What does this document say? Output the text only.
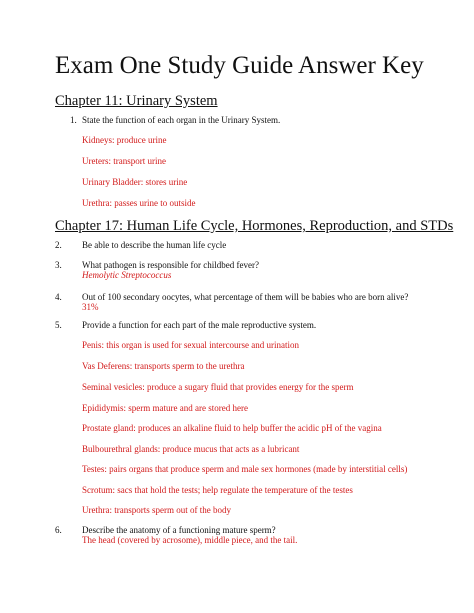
Exam One Study Guide Answer Key
Chapter 11: Urinary System
1. State the function of each organ in the Urinary System.
Kidneys: produce urine
Ureters: transport urine
Urinary Bladder: stores urine
Urethra: passes urine to outside
Chapter 17: Human Life Cycle, Hormones, Reproduction, and STDs
2. Be able to describe the human life cycle
3. What pathogen is responsible for childbed fever?
Hemolytic Streptococcus
4. Out of 100 secondary oocytes, what percentage of them will be babies who are born alive?
31%
5. Provide a function for each part of the male reproductive system.
Penis: this organ is used for sexual intercourse and urination
Vas Deferens: transports sperm to the urethra
Seminal vesicles: produce a sugary fluid that provides energy for the sperm
Epididymis: sperm mature and are stored here
Prostate gland: produces an alkaline fluid to help buffer the acidic pH of the vagina
Bulbourethral glands: produce mucus that acts as a lubricant
Testes: pairs organs that produce sperm and male sex hormones (made by interstitial cells)
Scrotum: sacs that hold the tests; help regulate the temperature of the testes
Urethra: transports sperm out of the body
6. Describe the anatomy of a functioning mature sperm?
The head (covered by acrosome), middle piece, and the tail.
